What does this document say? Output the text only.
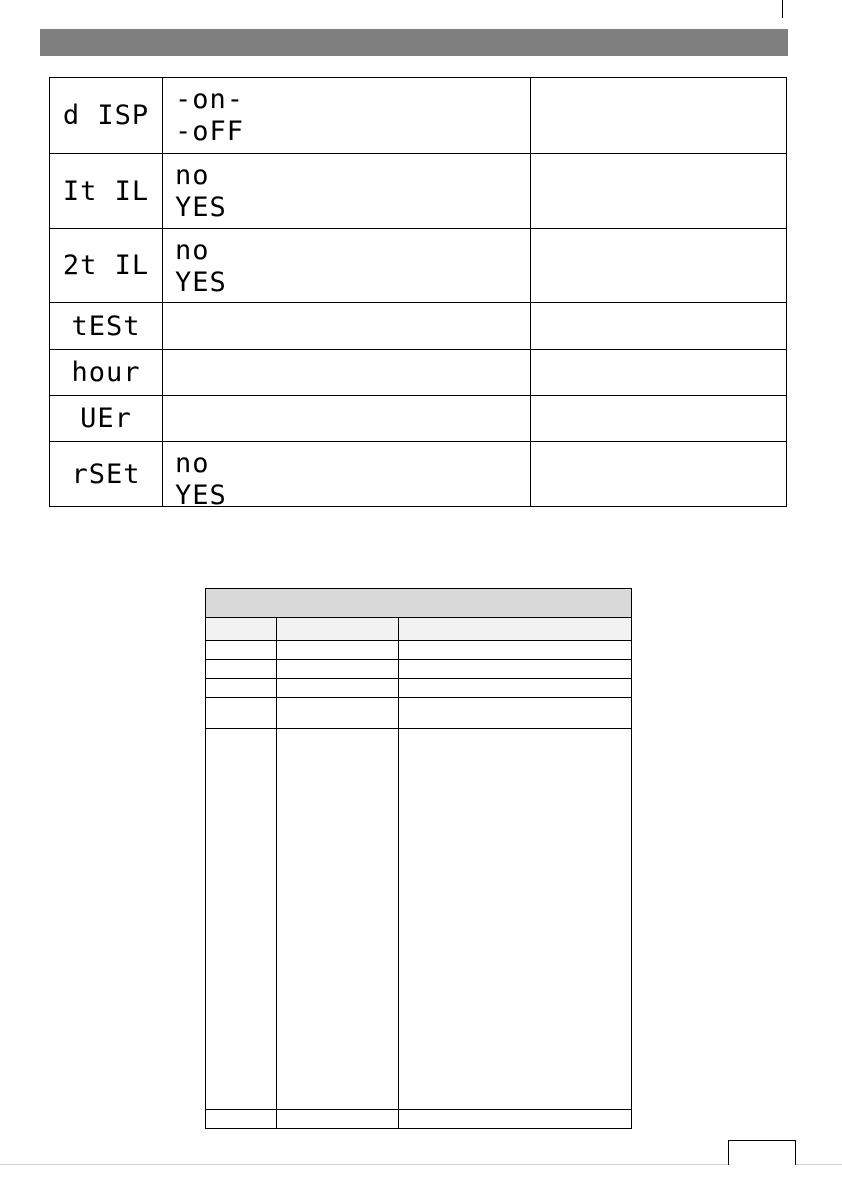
d ISP	-on-
-oFF	

It IL	no
YES	

2t IL	no
YES	

tESt		
hour		
UEr		
rSEt	no
YES	
